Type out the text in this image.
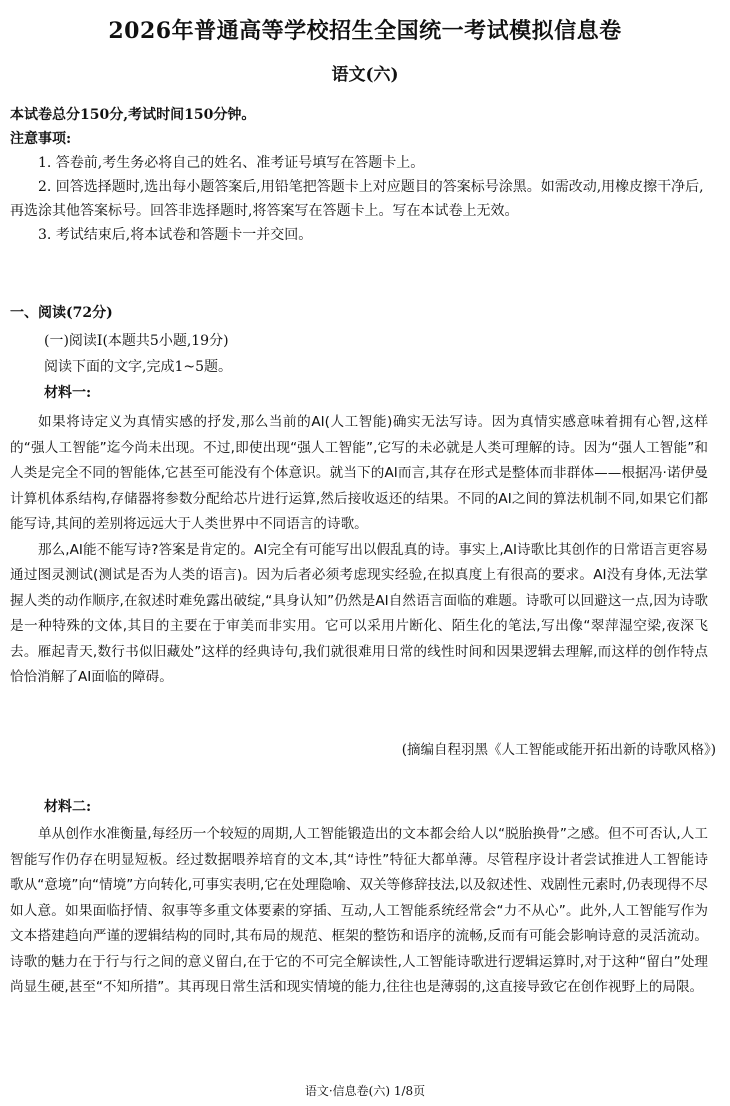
2026年普通高等学校招生全国统一考试模拟信息卷
语文(六)
本试卷总分150分,考试时间150分钟。
注意事项:
1. 答卷前,考生务必将自己的姓名、准考证号填写在答题卡上。
2. 回答选择题时,选出每小题答案后,用铅笔把答题卡上对应题目的答案标号涂黑。如需改动,用橡皮擦干净后,再选涂其他答案标号。回答非选择题时,将答案写在答题卡上。写在本试卷上无效。
3. 考试结束后,将本试卷和答题卡一并交回。
一、阅读(72分)
(一)阅读Ⅰ(本题共5小题,19分)
阅读下面的文字,完成1~5题。
材料一:

如果将诗定义为真情实感的抒发,那么当前的AI(人工智能)确实无法写诗。因为真情实感意味着拥有心智,这样的“强人工智能”迄今尚未出现。不过,即使出现“强人工智能”,它写的未必就是人类可理解的诗。因为“强人工智能”和人类是完全不同的智能体,它甚至可能没有个体意识。就当下的AI而言,其存在形式是整体而非群体——根据冯·诺伊曼计算机体系结构,存储器将参数分配给芯片进行运算,然后接收返还的结果。不同的AI之间的算法机制不同,如果它们都能写诗,其间的差别将远远大于人类世界中不同语言的诗歌。

那么,AI能不能写诗?答案是肯定的。AI完全有可能写出以假乱真的诗。事实上,AI诗歌比其创作的日常语言更容易通过图灵测试(测试是否为人类的语言)。因为后者必须考虑现实经验,在拟真度上有很高的要求。AI没有身体,无法掌握人类的动作顺序,在叙述时难免露出破绽,“具身认知”仍然是AI自然语言面临的难题。诗歌可以回避这一点,因为诗歌是一种特殊的文体,其目的主要在于审美而非实用。它可以采用片断化、陌生化的笔法,写出像“翠萍湿空梁,夜深飞去。雁起青天,数行书似旧藏处”这样的经典诗句,我们就很难用日常的线性时间和因果逻辑去理解,而这样的创作特点恰恰消解了AI面临的障碍。

(摘编自程羽黑《人工智能或能开拓出新的诗歌风格》)
材料二:

单从创作水准衡量,每经历一个较短的周期,人工智能锻造出的文本都会给人以“脱胎换骨”之感。但不可否认,人工智能写作仍存在明显短板。经过数据喂养培育的文本,其“诗性”特征大都单薄。尽管程序设计者尝试推进人工智能诗歌从“意境”向“情境”方向转化,可事实表明,它在处理隐喻、双关等修辞技法,以及叙述性、戏剧性元素时,仍表现得不尽如人意。如果面临抒情、叙事等多重文体要素的穿插、互动,人工智能系统经常会“力不从心”。此外,人工智能写作为文本搭建趋向严谨的逻辑结构的同时,其布局的规范、框架的整饬和语序的流畅,反而有可能会影响诗意的灵活流动。诗歌的魅力在于行与行之间的意义留白,在于它的不可完全解读性,人工智能诗歌进行逻辑运算时,对于这种“留白”处理尚显生硬,甚至“不知所措”。其再现日常生活和现实情境的能力,往往也是薄弱的,这直接导致它在创作视野上的局限。

语文·信息卷(六) 1/8页
